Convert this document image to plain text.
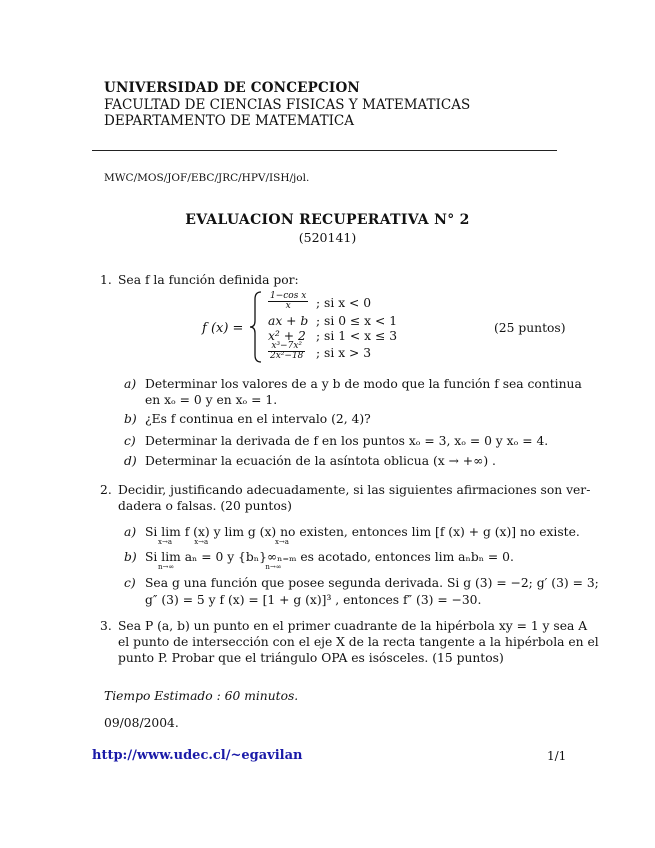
UNIVERSIDAD DE CONCEPCION
FACULTAD DE CIENCIAS FISICAS Y MATEMATICAS
DEPARTAMENTO DE MATEMATICA
MWC/MOS/JOF/EBC/JRC/HPV/ISH/jol.
EVALUACION RECUPERATIVA N° 2
(520141)
1. Sea f la función definida por:
f (x) =
$\frac{\text{1−cos x}}{x}$ ; si x < 0
ax + b ; si 0 ≤ x < 1
x² + 2 ; si 1 < x ≤ 3
$\frac{\text{x³−7x²}}{\text{2x²−18}}$ ; si x > 3
(25 puntos)
a) Determinar los valores de a y b de modo que la función f sea continua
en xₒ = 0 y en xₒ = 1.
b) ¿Es f continua en el intervalo (2, 4)?
c) Determinar la derivada de f en los puntos xₒ = 3, xₒ = 0 y xₒ = 4.
d) Determinar la ecuación de la asíntota oblicua (x → +∞) .
2. Decidir, justificando adecuadamente, si las siguientes afirmaciones son ver-
dadera o falsas. (20 puntos)
a) Si lim f (x) y lim g (x) no existen, entonces lim [f (x) + g (x)] no existe.
x→a          x→a                              x→a
b) Si lim aₙ = 0 y {bₙ}∞ₙ₌ₘ es acotado, entonces lim aₙbₙ = 0.
n→∞                                         n→∞
c) Sea g una función que posee segunda derivada. Si g (3) = −2; g′ (3) = 3;
g″ (3) = 5 y f (x) = [1 + g (x)]³ , entonces f″ (3) = −30.
3. Sea P (a, b) un punto en el primer cuadrante de la hipérbola xy = 1 y sea A
el punto de intersección con el eje X de la recta tangente a la hipérbola en el
punto P. Probar que el triángulo OPA es isósceles. (15 puntos)
Tiempo Estimado : 60 minutos.
09/08/2004.
http://www.udec.cl/~egavilan	1/1
